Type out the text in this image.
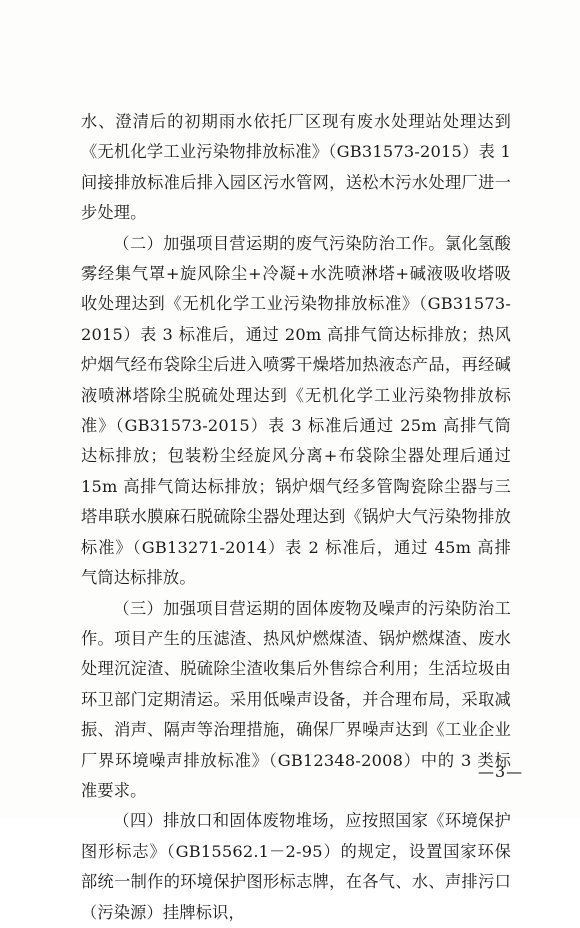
水、澄清后的初期雨水依托厂区现有废水处理站处理达到《无机化学工业污染物排放标准》（GB31573-2015）表 1 间接排放标准后排入园区污水管网，送松木污水处理厂进一步处理。

（二）加强项目营运期的废气污染防治工作。氯化氢酸雾经集气罩+旋风除尘+冷凝+水洗喷淋塔+碱液吸收塔吸收处理达到《无机化学工业污染物排放标准》（GB31573-2015）表 3 标准后，通过 20m 高排气筒达标排放；热风炉烟气经布袋除尘后进入喷雾干燥塔加热液态产品，再经碱液喷淋塔除尘脱硫处理达到《无机化学工业污染物排放标准》（GB31573-2015）表 3 标准后通过 25m 高排气筒达标排放；包装粉尘经旋风分离+布袋除尘器处理后通过 15m 高排气筒达标排放；锅炉烟气经多管陶瓷除尘器与三塔串联水膜麻石脱硫除尘器处理达到《锅炉大气污染物排放标准》（GB13271-2014）表 2 标准后，通过 45m 高排气筒达标排放。

（三）加强项目营运期的固体废物及噪声的污染防治工作。项目产生的压滤渣、热风炉燃煤渣、锅炉燃煤渣、废水处理沉淀渣、脱硫除尘渣收集后外售综合利用；生活垃圾由环卫部门定期清运。采用低噪声设备，并合理布局，采取减振、消声、隔声等治理措施，确保厂界噪声达到《工业企业厂界环境噪声排放标准》（GB12348-2008）中的 3 类标准要求。

（四）排放口和固体废物堆场，应按照国家《环境保护图形标志》（GB15562.1－2-95）的规定，设置国家环保部统一制作的环境保护图形标志牌，在各气、水、声排污口（污染源）挂牌标识，

—3—
